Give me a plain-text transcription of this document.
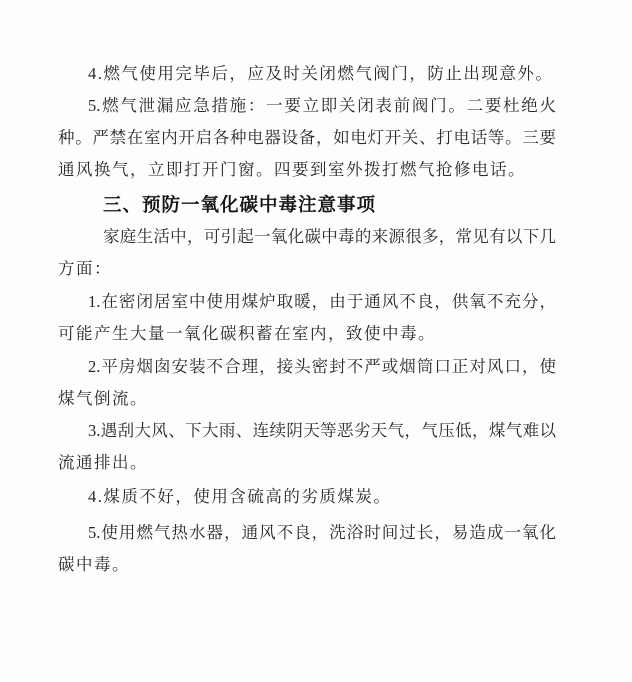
4.燃气使用完毕后，应及时关闭燃气阀门，防止出现意外。
5.燃气泄漏应急措施：一要立即关闭表前阀门。二要杜绝火
种。严禁在室内开启各种电器设备，如电灯开关、打电话等。三要
通风换气，立即打开门窗。四要到室外拨打燃气抢修电话。
三、预防一氧化碳中毒注意事项
家庭生活中，可引起一氧化碳中毒的来源很多，常见有以下几
方面：
1.在密闭居室中使用煤炉取暖，由于通风不良，供氧不充分，
可能产生大量一氧化碳积蓄在室内，致使中毒。
2.平房烟囱安装不合理，接头密封不严或烟筒口正对风口，使
煤气倒流。
3.遇刮大风、下大雨、连续阴天等恶劣天气，气压低，煤气难以
流通排出。
4.煤质不好，使用含硫高的劣质煤炭。
5.使用燃气热水器，通风不良，洗浴时间过长，易造成一氧化
碳中毒。
